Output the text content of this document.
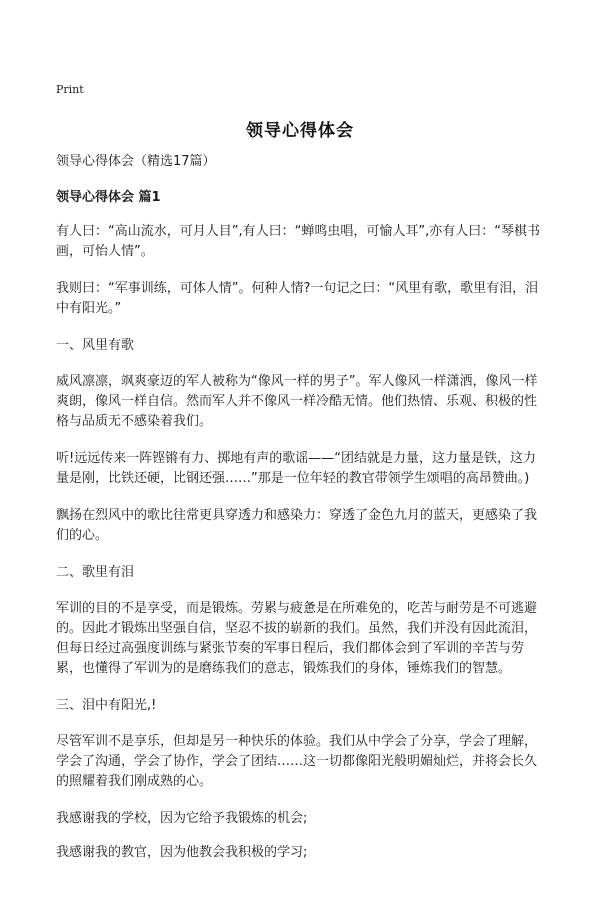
Print
领导心得体会

领导心得体会（精选17篇）

领导心得体会 篇1

有人曰：“高山流水，可月人目”,有人曰：“蝉鸣虫唱，可愉人耳”,亦有人曰：“琴棋书画，可怡人情”。

我则曰：“军事训练，可体人情”。何种人情?一句记之曰：“风里有歌，歌里有泪，泪中有阳光。”

一、风里有歌

威风凛凛，飒爽豪迈的军人被称为“像风一样的男子”。军人像风一样潇洒，像风一样爽朗，像风一样自信。然而军人并不像风一样冷酷无情。他们热情、乐观、积极的性格与品质无不感染着我们。

听!远远传来一阵铿锵有力、掷地有声的歌谣——“团结就是力量，这力量是铁，这力量是刚，比铁还硬，比钢还强……”那是一位年轻的教官带领学生颂唱的高昂赞曲。)

飘扬在烈风中的歌比往常更具穿透力和感染力：穿透了金色九月的蓝天，更感染了我们的心。

二、歌里有泪

军训的目的不是享受，而是锻炼。劳累与疲惫是在所难免的，吃苦与耐劳是不可逃避的。因此才锻炼出坚强自信，坚忍不拔的崭新的我们。虽然，我们并没有因此流泪，但每日经过高强度训练与紧张节奏的军事日程后，我们都体会到了军训的辛苦与劳累，也懂得了军训为的是磨练我们的意志，锻炼我们的身体，锤炼我们的智慧。

三、泪中有阳光,!

尽管军训不是享乐，但却是另一种快乐的体验。我们从中学会了分享，学会了理解，学会了沟通，学会了协作，学会了团结……这一切都像阳光般明媚灿烂，并将会长久的照耀着我们刚成熟的心。

我感谢我的学校，因为它给予我锻炼的机会;

我感谢我的教官，因为他教会我积极的学习;
